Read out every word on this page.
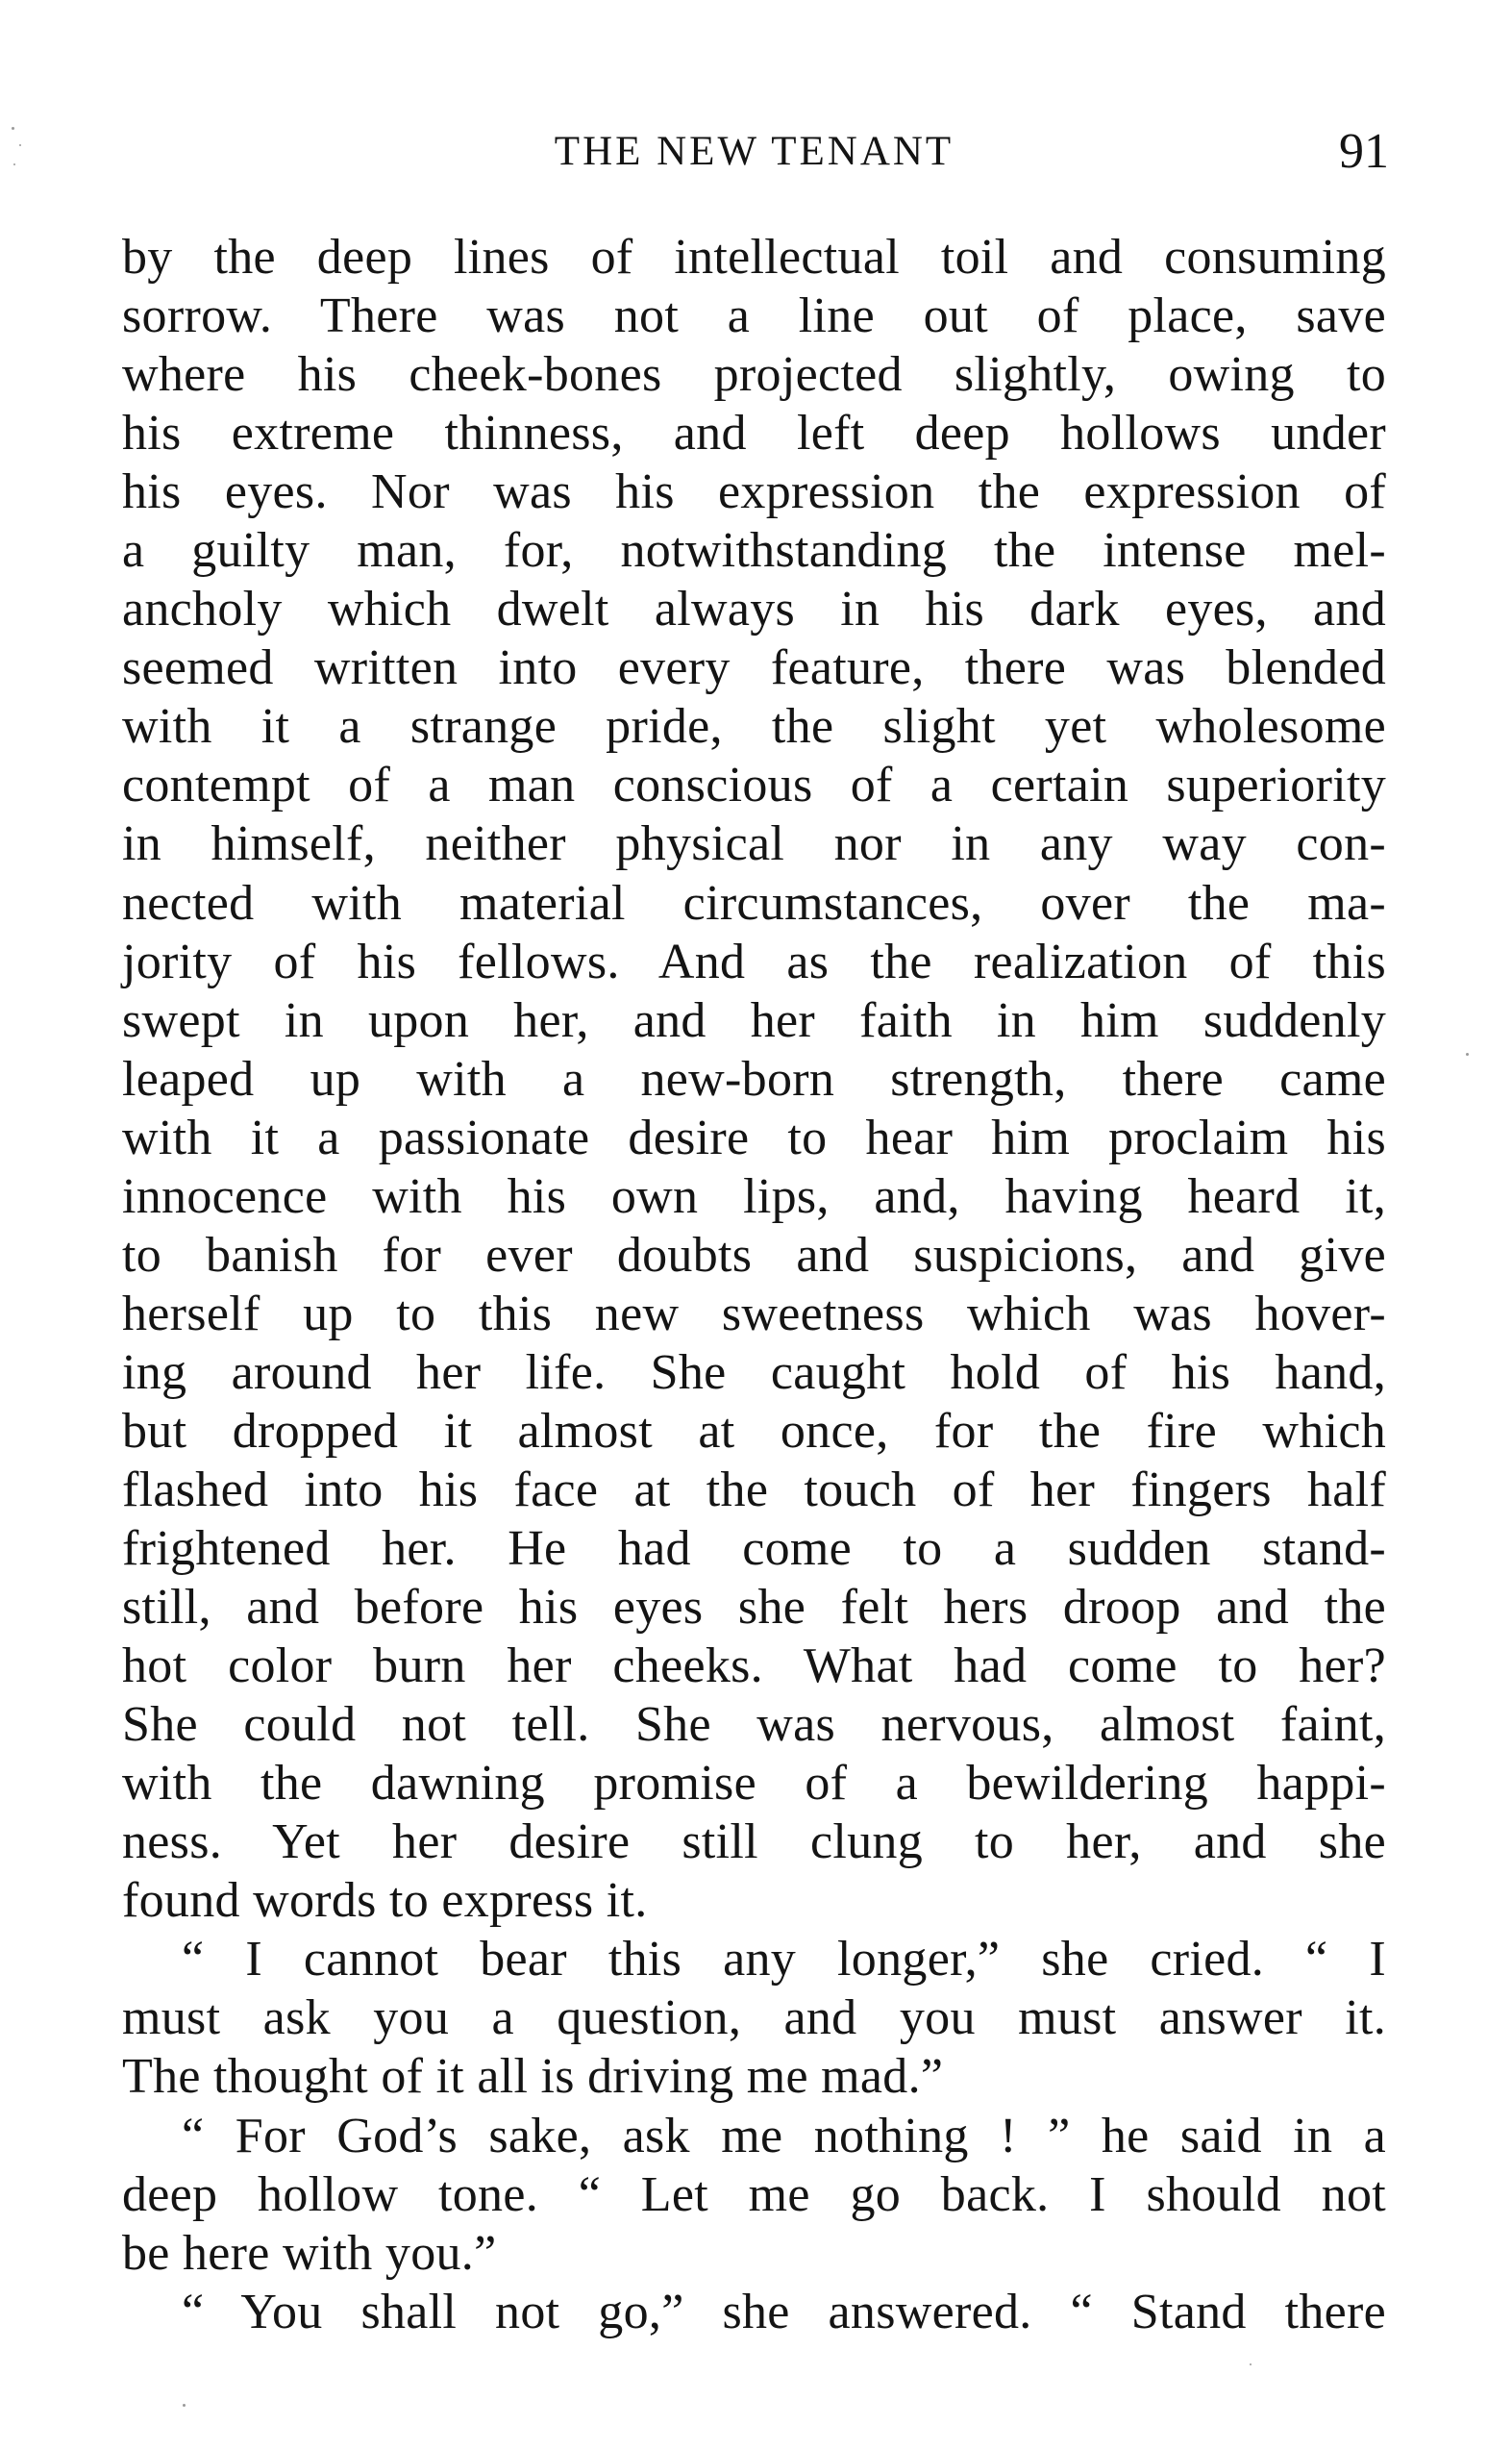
THE NEW TENANT	91
by the deep lines of intellectual toil and consuming
sorrow. There was not a line out of place, save
where his cheek-bones projected slightly, owing to
his extreme thinness, and left deep hollows under
his eyes. Nor was his expression the expression of
a guilty man, for, notwithstanding the intense mel-
ancholy which dwelt always in his dark eyes, and
seemed written into every feature, there was blended
with it a strange pride, the slight yet wholesome
contempt of a man conscious of a certain superiority
in himself, neither physical nor in any way con-
nected with material circumstances, over the ma-
jority of his fellows. And as the realization of this
swept in upon her, and her faith in him suddenly
leaped up with a new-born strength, there came
with it a passionate desire to hear him proclaim his
innocence with his own lips, and, having heard it,
to banish for ever doubts and suspicions, and give
herself up to this new sweetness which was hover-
ing around her life. She caught hold of his hand,
but dropped it almost at once, for the fire which
flashed into his face at the touch of her fingers half
frightened her. He had come to a sudden stand-
still, and before his eyes she felt hers droop and the
hot color burn her cheeks. What had come to her?
She could not tell. She was nervous, almost faint,
with the dawning promise of a bewildering happi-
ness. Yet her desire still clung to her, and she
found words to express it.
“ I cannot bear this any longer,” she cried. “ I
must ask you a question, and you must answer it.
The thought of it all is driving me mad.”
“ For God’s sake, ask me nothing ! ” he said in a
deep hollow tone. “ Let me go back. I should not
be here with you.”
“ You shall not go,” she answered. “ Stand there
